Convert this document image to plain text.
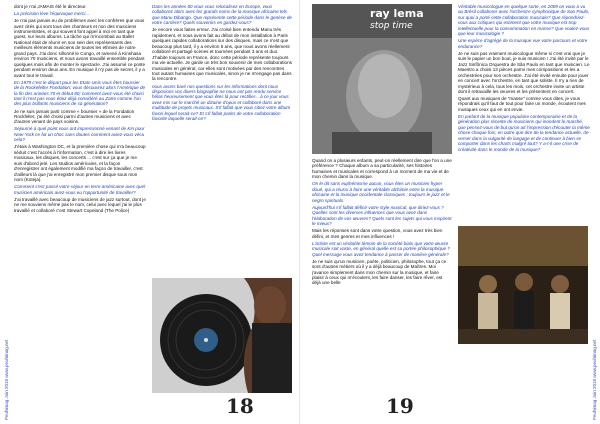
Peuhimag Juin 2018 www.peuhimag.net

dont je n'ai JAMAIS été le directeur.

La précision lève l'équivoque merci...

Je n'ai pas jamais eu de problèmes avec les confrères que vous avez cités qui sont tous des chanteurs et non des musiciens instrumentistes, et qui souvent font appel à moi en tant que guest, sur leurs albums. La tâche qui m'incombait au Ballet National était de réunir en son sein des représentants des meilleurs éléments musiciens de toutes les ethnies de notre grand pays. J'ai donc sillonné le Congo, et ramené à Kinshasa environ 70 musiciens, et nous avons travaillé ensemble pendant quelques mois afin de monter le spectacle. J'ai assumé ce poste pendant environ deux ans. En musique il n'y pas de secret, il y a avant tout le travail.

En 1979 c'est le départ pour les Etats-Unis vous êtes boursier de la Rockefeller Fondation; vous découvrez alors l'Amérique de la fin des années 70 et début 80; comment avez-vous été choisi tant il n'est pas vous étiez déjà considéré au Zaïre comme l'un des plus brillants musiciens de sa génération?

Je ne suis jamais parti comme « boursier » de la Fondation Rockfeller, j'ai été choisi parmi d'autres musiciens et avec d'autres venant de pays voisins.

Séjourné à quel point vous ont impressionné venant de Kin pour New-York ce fut un choc sans doutes comment aviez-vous vécu cela?

J'étais à Washington DC, et la première chose qui m'a beaucoup séduit c'est l'accès à l'information, c'est à dire les livres musicaux, les disques, les concerts ... c'est sur ça que je me suis d'abord jeté. Les studios américains, et la façon d'enregistrer ont également modifié ma façon de travailler, c'est d'ailleurs là que j'ai enregistré mon premier disque sous mon nom (Koteja).

Comment s'est passé votre séjour en terre américaine avec quel musicien américain avez-vous eu l'opportunité de travailler?

J'ai travaillé avec beaucoup de musiciens de jazz surtout, dont je ne me souviens même pas le nom, celui avec lequel j'ai le plus travaillé et collaboré c'est Stewart Copeland (The Police)

Dans les années 80 vous vous relocalisez en Europe, vous collaborez alors avec les grands noms de la musique africaine tels que Manu Dibango. Que représente cette période dans le genèse de votre carrière? Quels souvenirs en gardez-vous?

Je encore vous faites erreur. J'ai croisé bien entendu Manu très rapidement, et nous avons fait au début de mon installation à Paris quelques rapides collaborations sur des disques, mais ce n'est que beaucoup plus tard, il y a environ 5 ans, que nous avons réellement collaboré et partagé scènes et tournées pendant 3 ans et duo. J'habite toujours en France, donc cette période représente toujours ma vie actuelle. Je garde un très bon souvenir de mes collaborations musicales en général, car elles sont motivées par des rencontres tout autant humaines que musicales, sinon je ne m'engage pas dans la rencontre.

nous avons baré nos questions sur les informations dont nous disposions vos divers biographie ne nous ont pas rendu service hélas heureusement que vous êtes là pour rectifier... à ce jour vous avez mis sur le marché un dizaine d'opus et collaboré dans une multitude de projets musicaux. S'il fallait que vous citiez votre album favori lequel serait-ce? Et s'il fallait parler de votre collaboration favorite laquelle serait-ce?

18
ray lema
stop time

Quand on a plusieurs enfants, peut-on réellement dire que l'on a une préférence ? Chaque album a sa particularité, ses histoires humaines et musicales et correspond à un moment de ma vie et de mon chemin dans la musique.

On le dit sans euphémisme aucun, vous êtes un musicien hyper doué, qui a réussi à faire une véritable alchimie entre la musique africaine et la musique occidentale classiques ; toujours le jazz et le negro spirituals.

Aujourd'hui s'il fallait définir votre style musical, que diriez-vous ? Quelles sont les diverses influences que vous avez dans l'élaboration de vos œuvres? Quels sont les sujets qui vous inspirent le mieux?

Mais les réponses sont dans votre question, vous avez très bien défini, et mes genres et mes influences !

L'artiste est un véritable témoin de la société biais que votre œuvre musicale soit vaste, en général quelle est sa portée philosophique ? Quel message vous avez tendance à passer de manière générale?

Je ne suis qu'un musicien, poète, politicien, philosophe, tout ça ce sont d'autres métiers où il y a déjà beaucoup de Maîtres. Moi j'avance simplement dans mon chemin sur la musique, et faire plaisir à ceux qui m'écoutent, les faire danser, les faire rêver, est déjà une belle

Véritable musicologue en quelque sorte, en 2009 on vous a vu au Brésil collaborer avec l'orchestre symphonique de Sao Paulo, sur quoi a porté cette collaboration musicale? Que répondriez-vous aux critiques qui estiment que votre musique est trop intellectuelle pour la consommation en masse? Que voulez-vous que leur musicologie ?

Une espèce d'agrégé de la musique vue votre parcours et votre endurance?

Je ne suis pas vraiment musicologue même si c'est vrai que je suis le papier un bon bout, je suis musicien ! J'ai été invité par le Jazz Sinfônica Orquestra de São Paulo en tant que musicien. Le Maestro a choisi 13 pièces parmi mes compositions et les a orchestrées pour son orchestre. J'ai été invité ensuite pour jouer en concert avec l'orchestre, en tant que soliste. Il n'y a rien de mystérieux à cela, tous les mois, cet orchestre invite un artiste dont il retravaille les œuvres et les présentent en concert.

Quant aux musiques de "masse" comme vous dites, je vous répondrais qu'il faut de tout pour faire un monde, écoutent mes musiques ceux qui en ont envie.

En parlant de la musique populaire contemporaine et de la génération plus récente de musiciens qui inondent le marché, que pensez-vous de but qu'on ait l'impression d'écouter la même chose chaque fois; en outre que dire de la tendance actuelle, de verser dans la vulgarité de langage et de continuer à bien se comporter dans les charts malgré tout? Y a-t-il une crise de créativité dans le monde de la musique?

19	Peuhimag Juin 2018 www.peuhimag.net
